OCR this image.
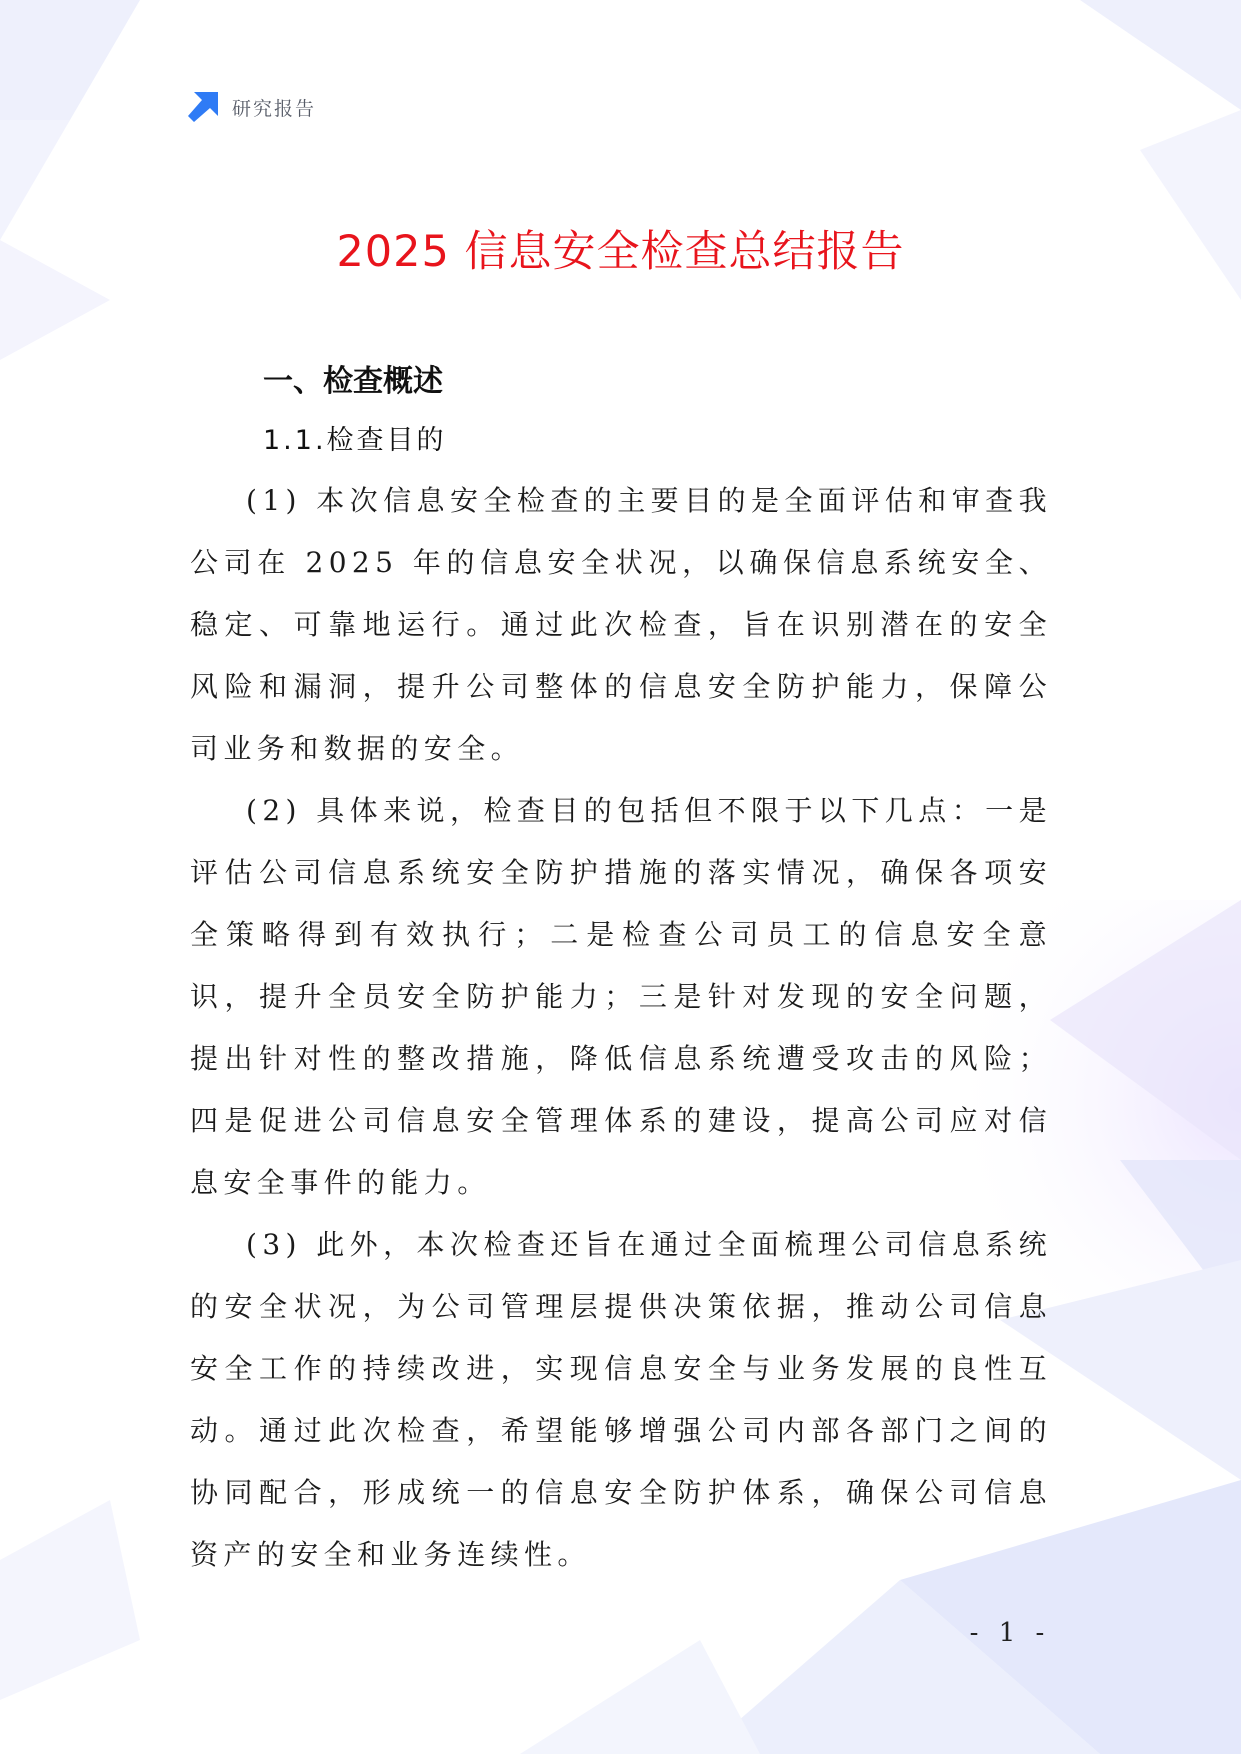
研究报告
2025 信息安全检查总结报告
一、检查概述
1.1.检查目的

(1) 本次信息安全检查的主要目的是全面评估和审查我公司在 2025 年的信息安全状况，以确保信息系统安全、稳定、可靠地运行。通过此次检查，旨在识别潜在的安全风险和漏洞，提升公司整体的信息安全防护能力，保障公司业务和数据的安全。

(2) 具体来说，检查目的包括但不限于以下几点：一是评估公司信息系统安全防护措施的落实情况，确保各项安全策略得到有效执行；二是检查公司员工的信息安全意识，提升全员安全防护能力；三是针对发现的安全问题，提出针对性的整改措施，降低信息系统遭受攻击的风险；四是促进公司信息安全管理体系的建设，提高公司应对信息安全事件的能力。

(3) 此外，本次检查还旨在通过全面梳理公司信息系统的安全状况，为公司管理层提供决策依据，推动公司信息安全工作的持续改进，实现信息安全与业务发展的良性互动。通过此次检查，希望能够增强公司内部各部门之间的协同配合，形成统一的信息安全防护体系，确保公司信息资产的安全和业务连续性。

- 1 -
